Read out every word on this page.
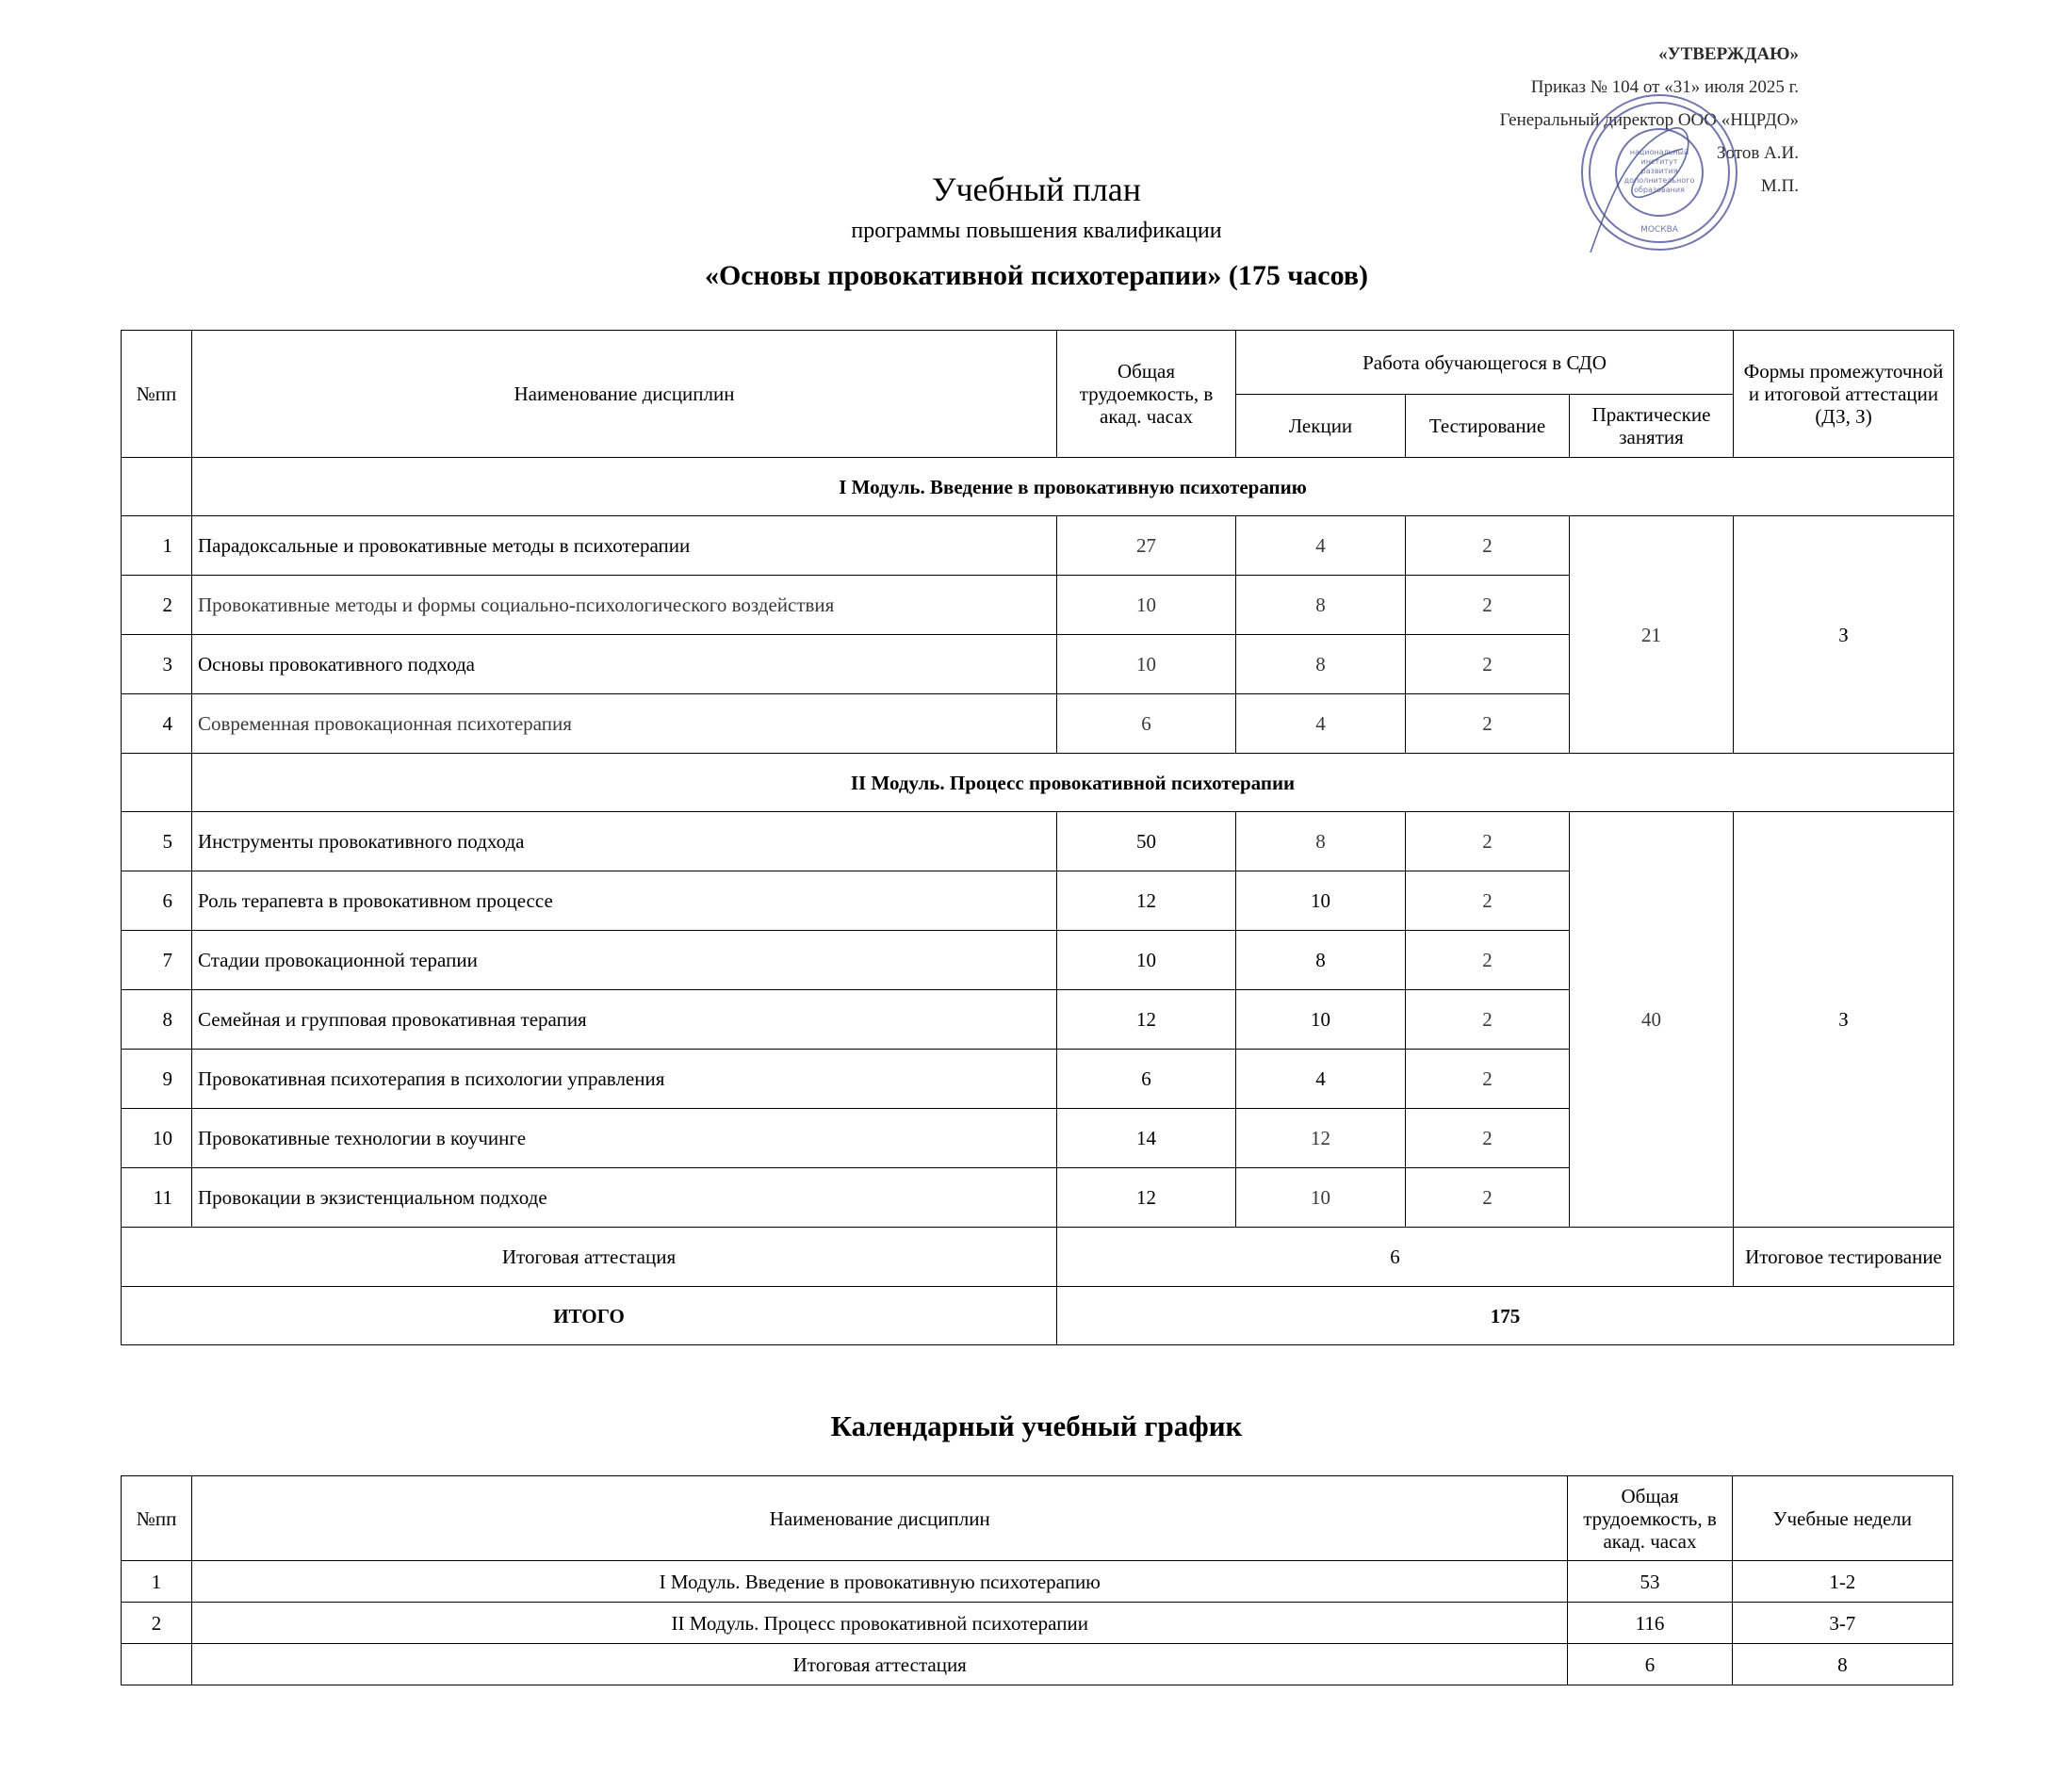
«УТВЕРЖДАЮ»
Приказ № 104 от «31» июля 2025 г.
Генеральный директор ООО «НЦРДО»
Зотов А.И.
М.П.
национальный
институт
развития
дополнительного
образования
МОСКВА
Учебный план
программы повышения квалификации
«Основы провокативной психотерапии» (175 часов)
№пп	Наименование дисциплин	Общая трудоемкость, в акад. часах	Работа обучающегося в СДО			Формы промежуточной и итоговой аттестации (ДЗ, З)
			Лекции	Тестирование	Практические занятия	
	I Модуль. Введение в провокативную психотерапию					
1	Парадоксальные и провокативные методы в психотерапии	27	4	2	21	З
2	Провокативные методы и формы социально-психологического воздействия	10	8	2		
3	Основы провокативного подхода	10	8	2		
4	Современная провокационная психотерапия	6	4	2		
	II Модуль. Процесс провокативной психотерапии					
5	Инструменты провокативного подхода	50	8	2	40	З
6	Роль терапевта в провокативном процессе	12	10	2		
7	Стадии провокационной терапии	10	8	2		
8	Семейная и групповая провокативная терапия	12	10	2		
9	Провокативная психотерапия в психологии управления	6	4	2		
10	Провокативные технологии в коучинге	14	12	2		
11	Провокации в экзистенциальном подходе	12	10	2		
Итоговая аттестация		6				Итоговое тестирование
ИТОГО		175				
Календарный учебный график
№пп	Наименование дисциплин	Общая трудоемкость, в акад. часах	Учебные недели
1	I Модуль. Введение в провокативную психотерапию	53	1-2
2	II Модуль. Процесс провокативной психотерапии	116	3-7
	Итоговая аттестация	6	8
